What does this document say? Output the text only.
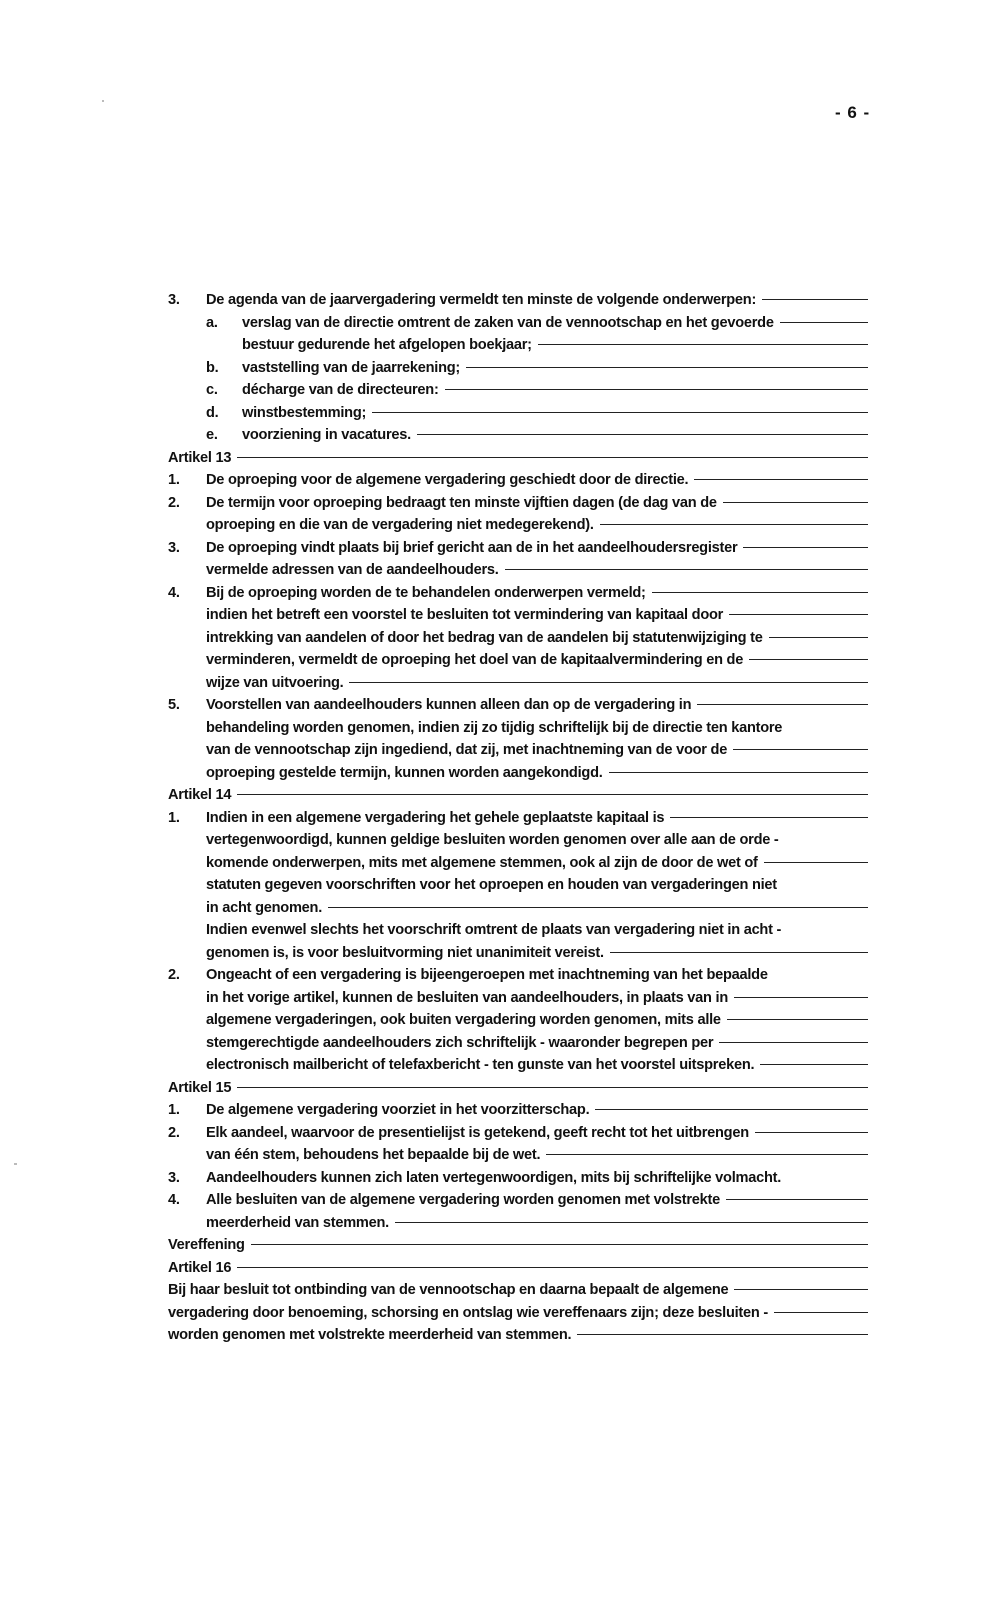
- 6 -
3.	De agenda van de jaarvergadering vermeldt ten minste de volgende onderwerpen:
a.	verslag van de directie omtrent de zaken van de vennootschap en het gevoerde
bestuur gedurende het afgelopen boekjaar;
b.	vaststelling van de jaarrekening;
c.	décharge van de directeuren:
d.	winstbestemming;
e.	voorziening in vacatures.
Artikel 13
1.	De oproeping voor de algemene vergadering geschiedt door de directie.
2.	De termijn voor oproeping bedraagt ten minste vijftien dagen (de dag van de
oproeping en die van de vergadering niet medegerekend).
3.	De oproeping vindt plaats bij brief gericht aan de in het aandeelhoudersregister
vermelde adressen van de aandeelhouders.
4.	Bij de oproeping worden de te behandelen onderwerpen vermeld;
indien het betreft een voorstel te besluiten tot vermindering van kapitaal door
intrekking van aandelen of door het bedrag van de aandelen bij statutenwijziging te
verminderen, vermeldt de oproeping het doel van de kapitaalvermindering en de
wijze van uitvoering.
5.	Voorstellen van aandeelhouders kunnen alleen dan op de vergadering in
behandeling worden genomen, indien zij zo tijdig schriftelijk bij de directie ten kantore
van de vennootschap zijn ingediend, dat zij, met inachtneming van de voor de
oproeping gestelde termijn, kunnen worden aangekondigd.
Artikel 14
1.	Indien in een algemene vergadering het gehele geplaatste kapitaal is
vertegenwoordigd, kunnen geldige besluiten worden genomen over alle aan de orde -
komende onderwerpen, mits met algemene stemmen, ook al zijn de door de wet of
statuten gegeven voorschriften voor het oproepen en houden van vergaderingen niet
in acht genomen.
Indien evenwel slechts het voorschrift omtrent de plaats van vergadering niet in acht -
genomen is, is voor besluitvorming niet unanimiteit vereist.
2.	Ongeacht of een vergadering is bijeengeroepen met inachtneming van het bepaalde
in het vorige artikel, kunnen de besluiten van aandeelhouders, in plaats van in
algemene vergaderingen, ook buiten vergadering worden genomen, mits alle
stemgerechtigde aandeelhouders zich schriftelijk - waaronder begrepen per
electronisch mailbericht of telefaxbericht - ten gunste van het voorstel uitspreken.
Artikel 15
1.	De algemene vergadering voorziet in het voorzitterschap.
2.	Elk aandeel, waarvoor de presentielijst is getekend, geeft recht tot het uitbrengen
van één stem, behoudens het bepaalde bij de wet.
3.	Aandeelhouders kunnen zich laten vertegenwoordigen, mits bij schriftelijke volmacht.
4.	Alle besluiten van de algemene vergadering worden genomen met volstrekte
meerderheid van stemmen.
Vereffening
Artikel 16
Bij haar besluit tot ontbinding van de vennootschap en daarna bepaalt de algemene
vergadering door benoeming, schorsing en ontslag wie vereffenaars zijn; deze besluiten -
worden genomen met volstrekte meerderheid van stemmen.
